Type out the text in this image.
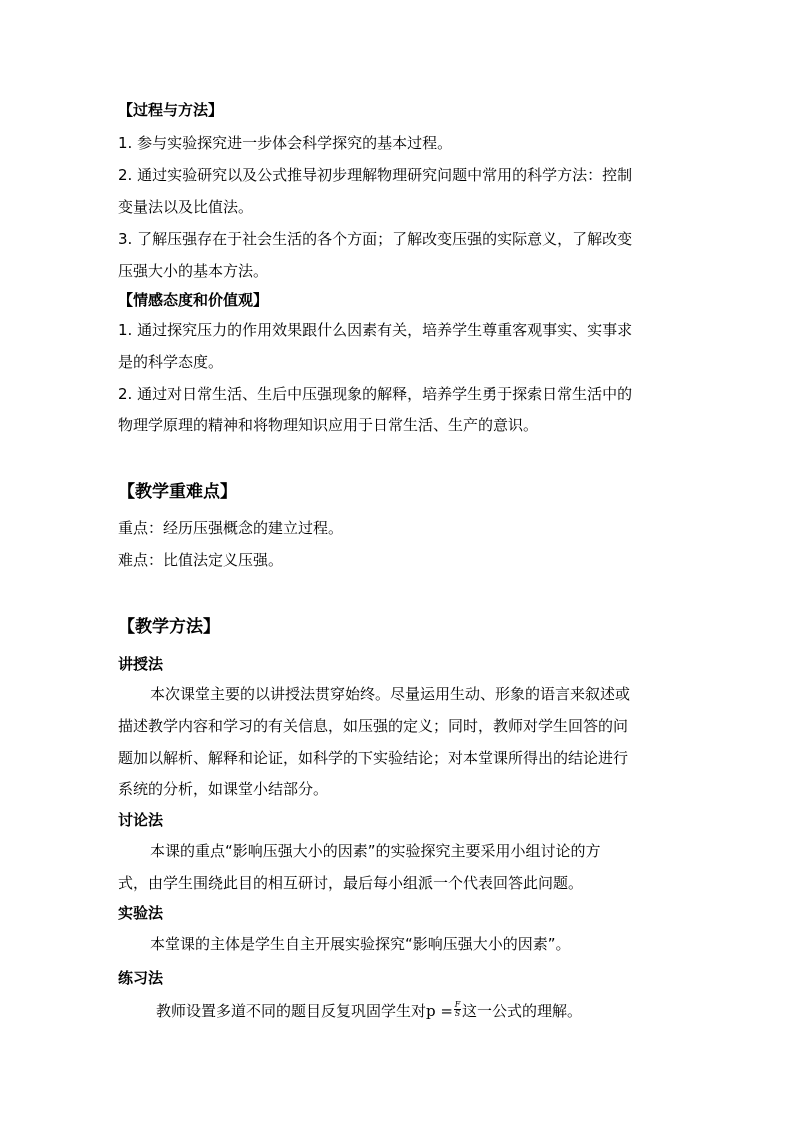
【过程与方法】
1. 参与实验探究进一步体会科学探究的基本过程。
2. 通过实验研究以及公式推导初步理解物理研究问题中常用的科学方法：控制
变量法以及比值法。
3. 了解压强存在于社会生活的各个方面；了解改变压强的实际意义，了解改变
压强大小的基本方法。
【情感态度和价值观】
1. 通过探究压力的作用效果跟什么因素有关，培养学生尊重客观事实、实事求
是的科学态度。
2. 通过对日常生活、生后中压强现象的解释，培养学生勇于探索日常生活中的
物理学原理的精神和将物理知识应用于日常生活、生产的意识。
【教学重难点】
重点：经历压强概念的建立过程。
难点：比值法定义压强。
【教学方法】
讲授法
本次课堂主要的以讲授法贯穿始终。尽量运用生动、形象的语言来叙述或
描述教学内容和学习的有关信息，如压强的定义；同时，教师对学生回答的问
题加以解析、解释和论证，如科学的下实验结论；对本堂课所得出的结论进行
系统的分析，如课堂小结部分。
讨论法
本课的重点“影响压强大小的因素”的实验探究主要采用小组讨论的方
式，由学生围绕此目的相互研讨，最后每小组派一个代表回答此问题。
实验法
本堂课的主体是学生自主开展实验探究“影响压强大小的因素”。
练习法
教师设置多道不同的题目反复巩固学生对$p = \frac{F}{S}$ 这一公式的理解。
